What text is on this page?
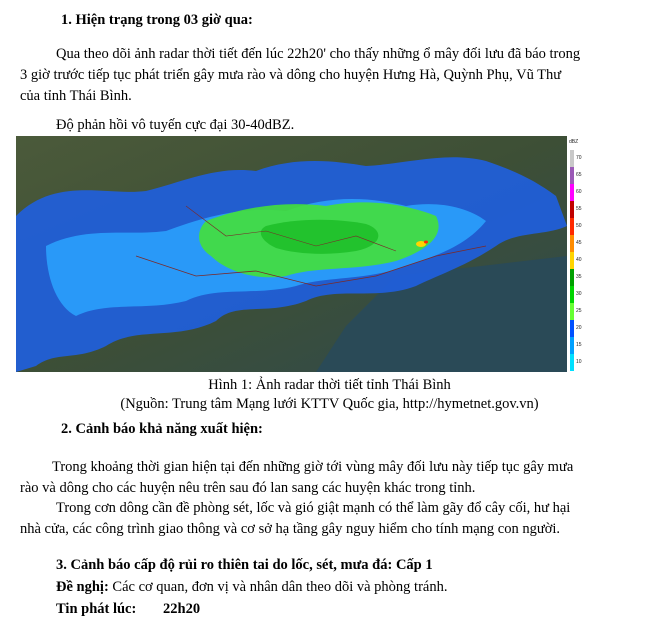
1. Hiện trạng trong 03 giờ qua:
Qua theo dõi ảnh radar thời tiết đến lúc 22h20' cho thấy những ổ mây đối lưu đã báo trong
3 giờ trước tiếp tục phát triển gây mưa rào và dông cho huyện Hưng Hà, Quỳnh Phụ, Vũ Thư
của tỉnh Thái Bình.
Độ phản hồi vô tuyến cực đại 30-40dBZ.
dBZ
70
65
60
55
50
45
40
35
30
25
20
15
10
Hình 1: Ảnh radar thời tiết tỉnh Thái Bình
(Nguồn: Trung tâm Mạng lưới KTTV Quốc gia, http://hymetnet.gov.vn)
2. Cảnh báo khả năng xuất hiện:
Trong khoảng thời gian hiện tại đến những giờ tới vùng mây đối lưu này tiếp tục gây mưa
rào và dông cho các huyện nêu trên sau đó lan sang các huyện khác trong tỉnh.
Trong cơn dông cần đề phòng sét, lốc và gió giật mạnh có thể làm gãy đổ cây cối, hư hại
nhà cửa, các công trình giao thông và cơ sở hạ tầng gây nguy hiểm cho tính mạng con người.
3. Cảnh báo cấp độ rủi ro thiên tai do lốc, sét, mưa đá: Cấp 1
Đề nghị: Các cơ quan, đơn vị và nhân dân theo dõi và phòng tránh.
Tin phát lúc: 22h20
